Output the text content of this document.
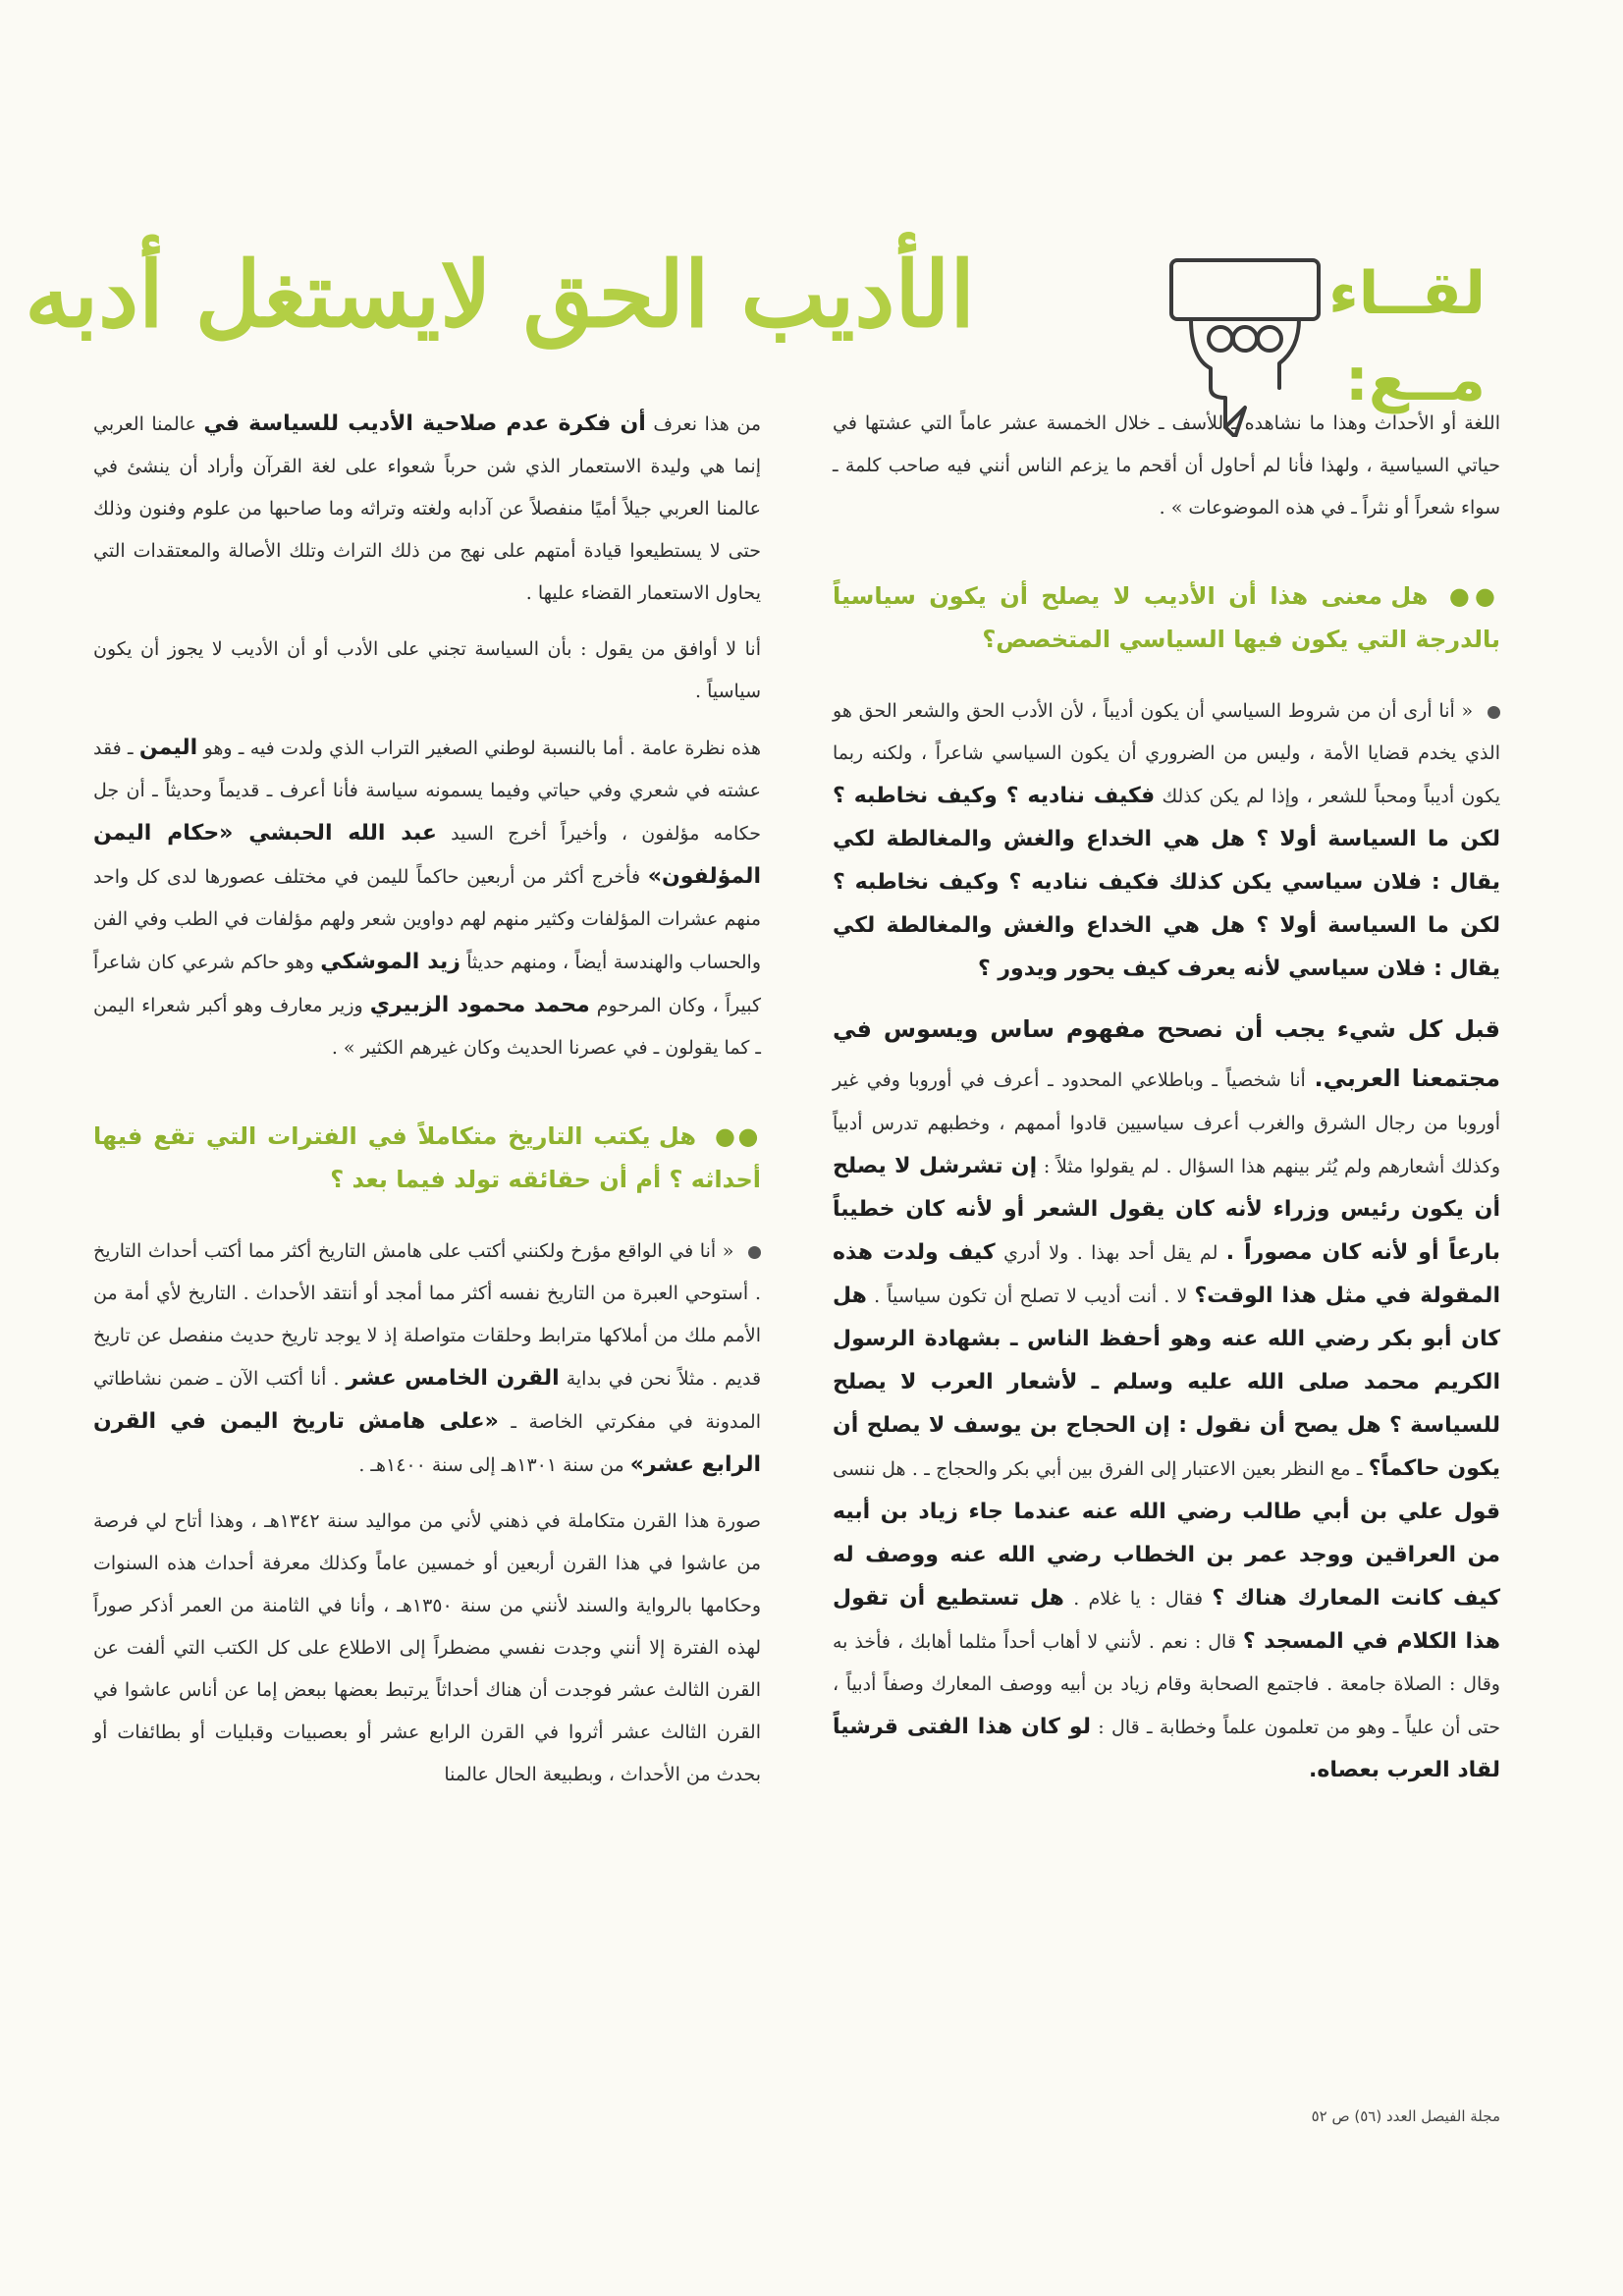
الأديب الحق لايستغل أدبه	لقــاء مــع:

اللغة أو الأحداث وهذا ما نشاهده ـ للأسف ـ خلال الخمسة عشر عاماً التي عشتها في حياتي السياسية ، ولهذا فأنا لم أحاول أن أقحم ما يزعم الناس أنني فيه صاحب كلمة ـ سواء شعراً أو نثراً ـ في هذه الموضوعات » .

●● هل معنى هذا أن الأديب لا يصلح أن يكون سياسياً بالدرجة التي يكون فيها السياسي المتخصص؟

« أنا أرى أن من شروط السياسي أن يكون أديباً ، لأن الأدب الحق والشعر الحق هو الذي يخدم قضايا الأمة ، وليس من الضروري أن يكون السياسي شاعراً ، ولكنه ربما يكون أديباً ومحباً للشعر ، وإذا لم يكن كذلك فكيف نناديه ؟ وكيف نخاطبه ؟ لكن ما السياسة أولا ؟ هل هي الخداع والغش والمغالطة لكي يقال : فلان سياسي يكن كذلك فكيف نناديه ؟ وكيف نخاطبه ؟ لكن ما السياسة أولا ؟ هل هي الخداع والغش والمغالطة لكي يقال : فلان سياسي لأنه يعرف كيف يحور ويدور ؟

قبل كل شيء يجب أن نصحح مفهوم ساس ويسوس في مجتمعنا العربي. أنا شخصياً ـ وباطلاعي المحدود ـ أعرف في أوروبا وفي غير أوروبا من رجال الشرق والغرب أعرف سياسيين قادوا أممهم ، وخطبهم تدرس أدبياً وكذلك أشعارهم ولم يُثر بينهم هذا السؤال . لم يقولوا مثلاً : إن تشرشل لا يصلح أن يكون رئيس وزراء لأنه كان يقول الشعر أو لأنه كان خطيباً بارعاً أو لأنه كان مصوراً . لم يقل أحد بهذا . ولا أدري كيف ولدت هذه المقولة في مثل هذا الوقت؟ لا . أنت أديب لا تصلح أن تكون سياسياً . هل كان أبو بكر رضي الله عنه وهو أحفظ الناس ـ بشهادة الرسول الكريم محمد صلى الله عليه وسلم ـ لأشعار العرب لا يصلح للسياسة ؟ هل يصح أن نقول : إن الحجاج بن يوسف لا يصلح أن يكون حاكماً؟ ـ مع النظر بعين الاعتبار إلى الفرق بين أبي بكر والحجاج ـ . هل ننسى قول علي بن أبي طالب رضي الله عنه عندما جاء زياد بن أبيه من العراقين ووجد عمر بن الخطاب رضي الله عنه ووصف له كيف كانت المعارك هناك ؟ فقال : يا غلام . هل تستطيع أن تقول هذا الكلام في المسجد ؟ قال : نعم . لأنني لا أهاب أحداً مثلما أهابك ، فأخذ به وقال : الصلاة جامعة . فاجتمع الصحابة وقام زياد بن أبيه ووصف المعارك وصفاً أدبياً ، حتى أن علياً ـ وهو من تعلمون علماً وخطابة ـ قال : لو كان هذا الفتى قرشياً لقاد العرب بعصاه.

من هذا نعرف أن فكرة عدم صلاحية الأديب للسياسة في عالمنا العربي إنما هي وليدة الاستعمار الذي شن حرباً شعواء على لغة القرآن وأراد أن ينشئ في عالمنا العربي جيلاً أميًا منفصلاً عن آدابه ولغته وتراثه وما صاحبها من علوم وفنون وذلك حتى لا يستطيعوا قيادة أمتهم على نهج من ذلك التراث وتلك الأصالة والمعتقدات التي يحاول الاستعمار القضاء عليها .

أنا لا أوافق من يقول : بأن السياسة تجني على الأدب أو أن الأديب لا يجوز أن يكون سياسياً .

هذه نظرة عامة . أما بالنسبة لوطني الصغير التراب الذي ولدت فيه ـ وهو اليمن ـ فقد عشته في شعري وفي حياتي وفيما يسمونه سياسة فأنا أعرف ـ قديماً وحديثاً ـ أن جل حكامه مؤلفون ، وأخيراً أخرج السيد عبد الله الحبشي «حكام اليمن المؤلفون» فأخرج أكثر من أربعين حاكماً لليمن في مختلف عصورها لدى كل واحد منهم عشرات المؤلفات وكثير منهم لهم دواوين شعر ولهم مؤلفات في الطب وفي الفن والحساب والهندسة أيضاً ، ومنهم حديثاً زيد الموشكي وهو حاكم شرعي كان شاعراً كبيراً ، وكان المرحوم محمد محمود الزبيري وزير معارف وهو أكبر شعراء اليمن ـ كما يقولون ـ في عصرنا الحديث وكان غيرهم الكثير » .

●● هل يكتب التاريخ متكاملاً في الفترات التي تقع فيها أحداثه ؟ أم أن حقائقه تولد فيما بعد ؟

« أنا في الواقع مؤرخ ولكنني أكتب على هامش التاريخ أكثر مما أكتب أحداث التاريخ . أستوحي العبرة من التاريخ نفسه أكثر مما أمجد أو أنتقد الأحداث . التاريخ لأي أمة من الأمم ملك من أملاكها مترابط وحلقات متواصلة إذ لا يوجد تاريخ حديث منفصل عن تاريخ قديم . مثلاً نحن في بداية القرن الخامس عشر . أنا أكتب الآن ـ ضمن نشاطاتي المدونة في مفكرتي الخاصة ـ «على هامش تاريخ اليمن في القرن الرابع عشر» من سنة ١٣٠١هـ إلى سنة ١٤٠٠هـ .

صورة هذا القرن متكاملة في ذهني لأني من مواليد سنة ١٣٤٢هـ ، وهذا أتاح لي فرصة من عاشوا في هذا القرن أربعين أو خمسين عاماً وكذلك معرفة أحداث هذه السنوات وحكامها بالرواية والسند لأنني من سنة ١٣٥٠هـ ، وأنا في الثامنة من العمر أذكر صوراً لهذه الفترة إلا أنني وجدت نفسي مضطراً إلى الاطلاع على كل الكتب التي ألفت عن القرن الثالث عشر فوجدت أن هناك أحداثاً يرتبط بعضها ببعض إما عن أناس عاشوا في القرن الثالث عشر أثروا في القرن الرابع عشر أو بعصبيات وقبليات أو بطائفات أو بحدث من الأحداث ، وبطبيعة الحال عالمنا

مجلة الفيصل العدد (٥٦) ص ٥٢
